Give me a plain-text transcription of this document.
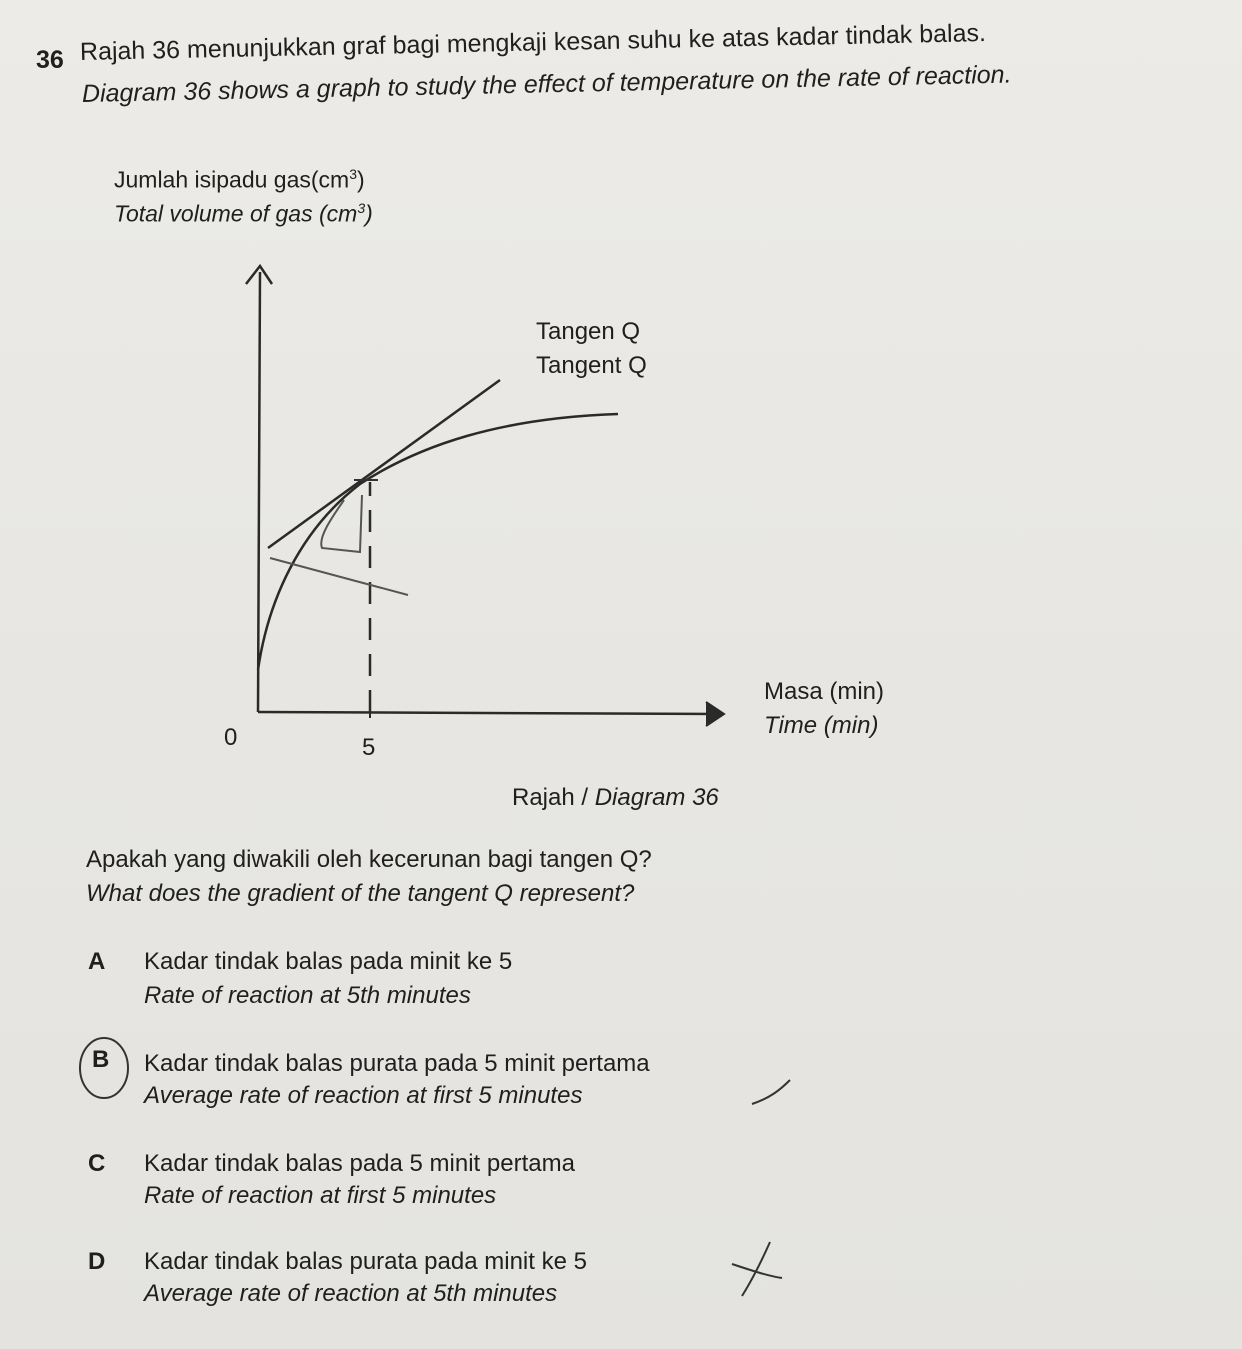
36 Rajah 36 menunjukkan graf bagi mengkaji kesan suhu ke atas kadar tindak balas.
Diagram 36 shows a graph to study the effect of temperature on the rate of reaction.
Jumlah isipadu $gas(cm^3)$
Total volume of gas $(cm^3)$
Tangen Q
Tangent Q
Masa (min)
Time (min)
0	5
Rajah / Diagram 36
Apakah yang diwakili oleh kecerunan bagi tangen Q?
What does the gradient of the tangent Q represent?
A Kadar tindak balas pada minit ke 5
Rate of reaction at 5th minutes
B Kadar tindak balas purata pada 5 minit pertama
Average rate of reaction at first 5 minutes
C Kadar tindak balas pada 5 minit pertama
Rate of reaction at first 5 minutes
D Kadar tindak balas purata pada minit ke 5
Average rate of reaction at 5th minutes
